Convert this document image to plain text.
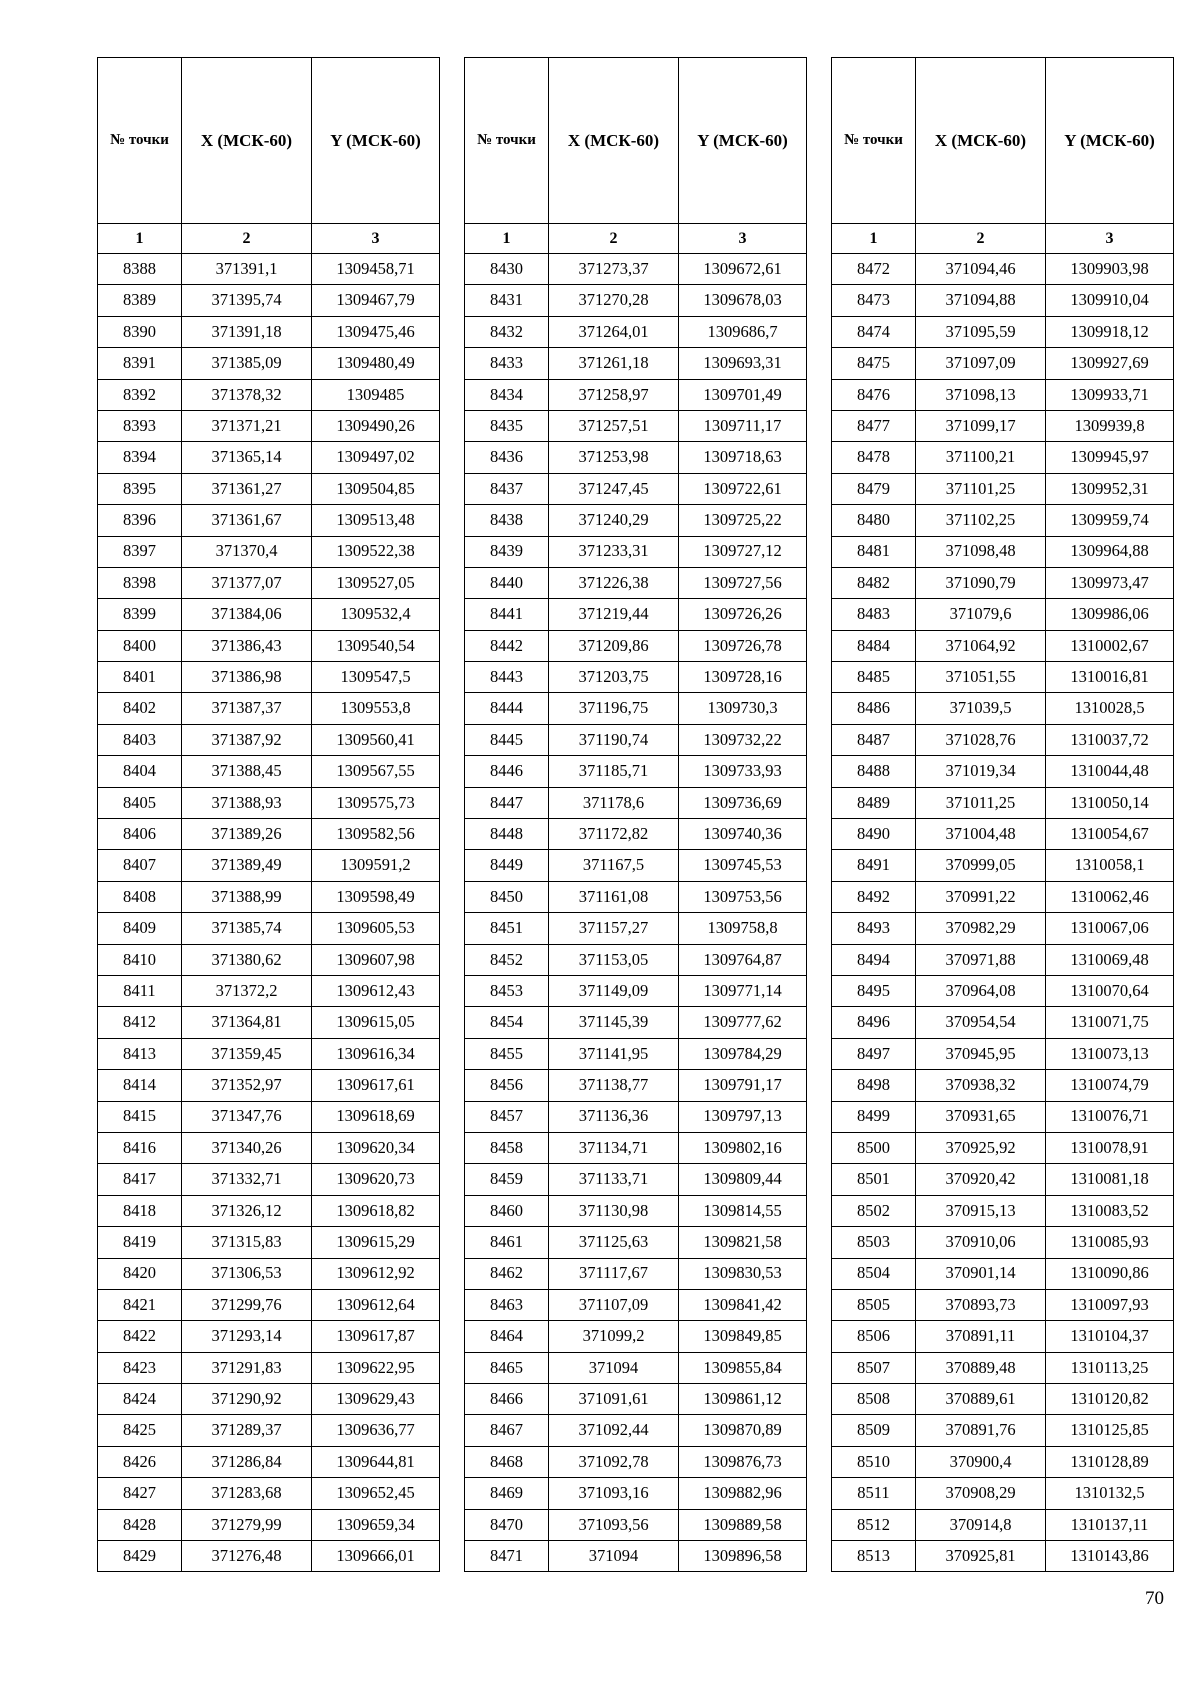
№ точки	X (МСК-60)	Y (МСК-60)
1	2	3
8388	371391,1	1309458,71
8389	371395,74	1309467,79
8390	371391,18	1309475,46
8391	371385,09	1309480,49
8392	371378,32	1309485
8393	371371,21	1309490,26
8394	371365,14	1309497,02
8395	371361,27	1309504,85
8396	371361,67	1309513,48
8397	371370,4	1309522,38
8398	371377,07	1309527,05
8399	371384,06	1309532,4
8400	371386,43	1309540,54
8401	371386,98	1309547,5
8402	371387,37	1309553,8
8403	371387,92	1309560,41
8404	371388,45	1309567,55
8405	371388,93	1309575,73
8406	371389,26	1309582,56
8407	371389,49	1309591,2
8408	371388,99	1309598,49
8409	371385,74	1309605,53
8410	371380,62	1309607,98
8411	371372,2	1309612,43
8412	371364,81	1309615,05
8413	371359,45	1309616,34
8414	371352,97	1309617,61
8415	371347,76	1309618,69
8416	371340,26	1309620,34
8417	371332,71	1309620,73
8418	371326,12	1309618,82
8419	371315,83	1309615,29
8420	371306,53	1309612,92
8421	371299,76	1309612,64
8422	371293,14	1309617,87
8423	371291,83	1309622,95
8424	371290,92	1309629,43
8425	371289,37	1309636,77
8426	371286,84	1309644,81
8427	371283,68	1309652,45
8428	371279,99	1309659,34
8429	371276,48	1309666,01
№ точки	X (МСК-60)	Y (МСК-60)
1	2	3
8430	371273,37	1309672,61
8431	371270,28	1309678,03
8432	371264,01	1309686,7
8433	371261,18	1309693,31
8434	371258,97	1309701,49
8435	371257,51	1309711,17
8436	371253,98	1309718,63
8437	371247,45	1309722,61
8438	371240,29	1309725,22
8439	371233,31	1309727,12
8440	371226,38	1309727,56
8441	371219,44	1309726,26
8442	371209,86	1309726,78
8443	371203,75	1309728,16
8444	371196,75	1309730,3
8445	371190,74	1309732,22
8446	371185,71	1309733,93
8447	371178,6	1309736,69
8448	371172,82	1309740,36
8449	371167,5	1309745,53
8450	371161,08	1309753,56
8451	371157,27	1309758,8
8452	371153,05	1309764,87
8453	371149,09	1309771,14
8454	371145,39	1309777,62
8455	371141,95	1309784,29
8456	371138,77	1309791,17
8457	371136,36	1309797,13
8458	371134,71	1309802,16
8459	371133,71	1309809,44
8460	371130,98	1309814,55
8461	371125,63	1309821,58
8462	371117,67	1309830,53
8463	371107,09	1309841,42
8464	371099,2	1309849,85
8465	371094	1309855,84
8466	371091,61	1309861,12
8467	371092,44	1309870,89
8468	371092,78	1309876,73
8469	371093,16	1309882,96
8470	371093,56	1309889,58
8471	371094	1309896,58
№ точки	X (МСК-60)	Y (МСК-60)
1	2	3
8472	371094,46	1309903,98
8473	371094,88	1309910,04
8474	371095,59	1309918,12
8475	371097,09	1309927,69
8476	371098,13	1309933,71
8477	371099,17	1309939,8
8478	371100,21	1309945,97
8479	371101,25	1309952,31
8480	371102,25	1309959,74
8481	371098,48	1309964,88
8482	371090,79	1309973,47
8483	371079,6	1309986,06
8484	371064,92	1310002,67
8485	371051,55	1310016,81
8486	371039,5	1310028,5
8487	371028,76	1310037,72
8488	371019,34	1310044,48
8489	371011,25	1310050,14
8490	371004,48	1310054,67
8491	370999,05	1310058,1
8492	370991,22	1310062,46
8493	370982,29	1310067,06
8494	370971,88	1310069,48
8495	370964,08	1310070,64
8496	370954,54	1310071,75
8497	370945,95	1310073,13
8498	370938,32	1310074,79
8499	370931,65	1310076,71
8500	370925,92	1310078,91
8501	370920,42	1310081,18
8502	370915,13	1310083,52
8503	370910,06	1310085,93
8504	370901,14	1310090,86
8505	370893,73	1310097,93
8506	370891,11	1310104,37
8507	370889,48	1310113,25
8508	370889,61	1310120,82
8509	370891,76	1310125,85
8510	370900,4	1310128,89
8511	370908,29	1310132,5
8512	370914,8	1310137,11
8513	370925,81	1310143,86
70
